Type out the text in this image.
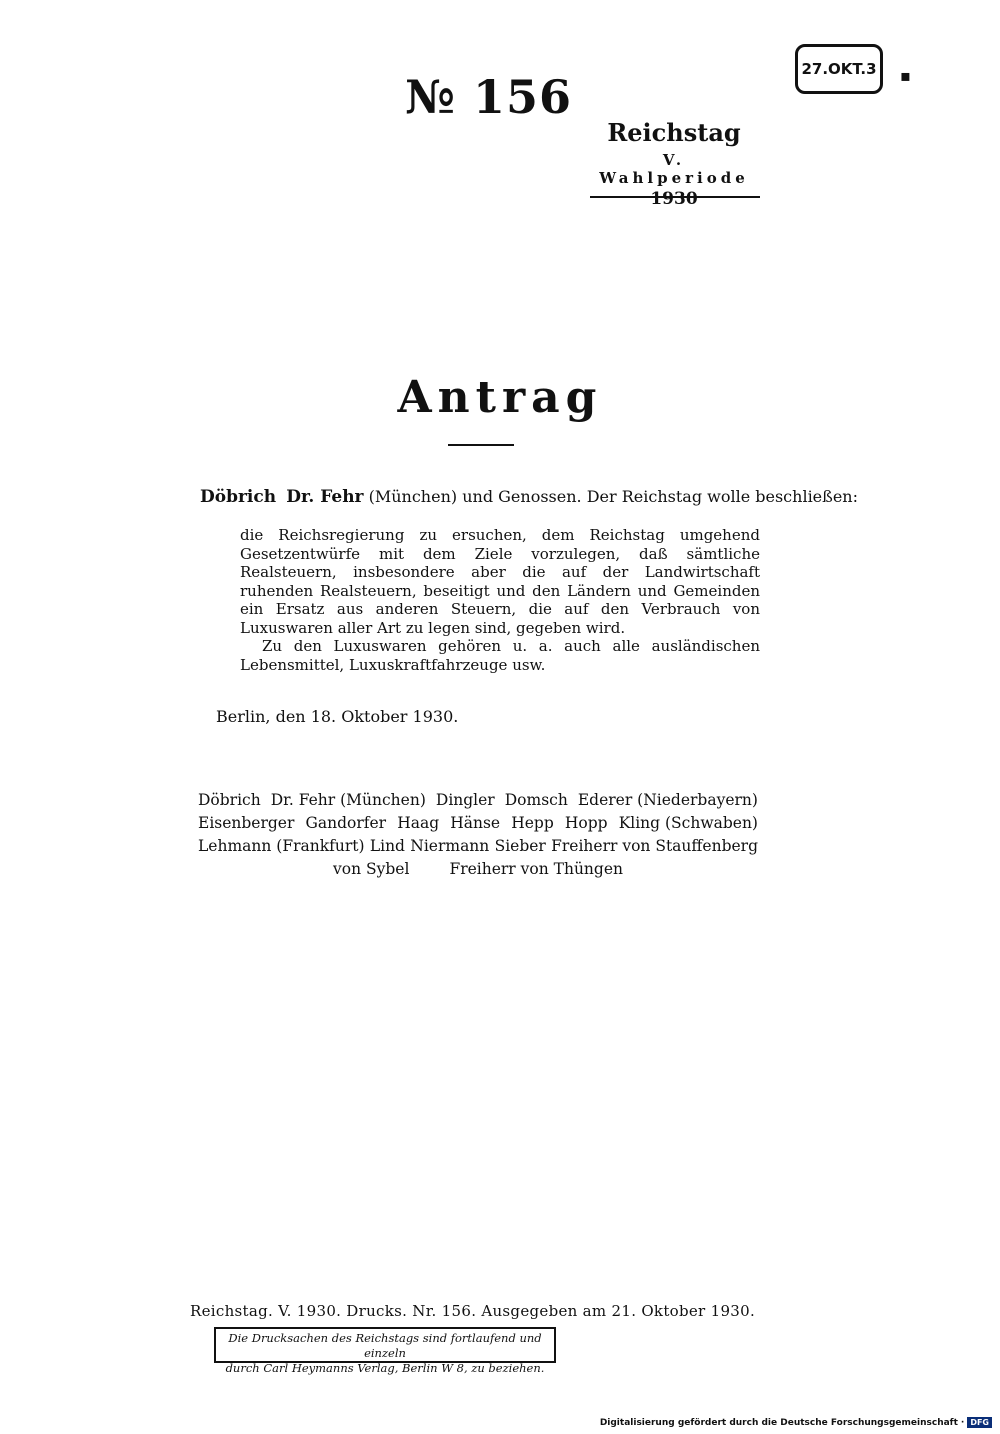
№ 156
27.OKT.3	▪
Reichstag
V. Wahlperiode
1930
Antrag
Döbrich Dr. Fehr (München) und Genossen. Der Reichstag wolle beschließen:

die Reichsregierung zu ersuchen, dem Reichstag umgehend Gesetzentwürfe mit dem Ziele vorzulegen, daß sämtliche Realsteuern, insbesondere aber die auf der Landwirtschaft ruhenden Realsteuern, beseitigt und den Ländern und Gemeinden ein Ersatz aus anderen Steuern, die auf den Verbrauch von Luxuswaren aller Art zu legen sind, gegeben wird.

Zu den Luxuswaren gehören u. a. auch alle ausländischen Lebensmittel, Luxuskraftfahrzeuge usw.

Berlin, den 18. Oktober 1930.
Döbrich Dr. Fehr (München) Dingler Domsch Ederer (Niederbayern)
Eisenberger Gandorfer Haag Hänse Hepp Hopp Kling (Schwaben)
Lehmann (Frankfurt) Lind Niermann Sieber Freiherr von Stauffenberg
von Sybel	Freiherr von Thüngen
Reichstag. V. 1930. Drucks. Nr. 156. Ausgegeben am 21. Oktober 1930.
Die Drucksachen des Reichstags sind fortlaufend und einzeln
durch Carl Heymanns Verlag, Berlin W 8, zu beziehen.
Digitalisierung gefördert durch die Deutsche Forschungsgemeinschaft · DFG
